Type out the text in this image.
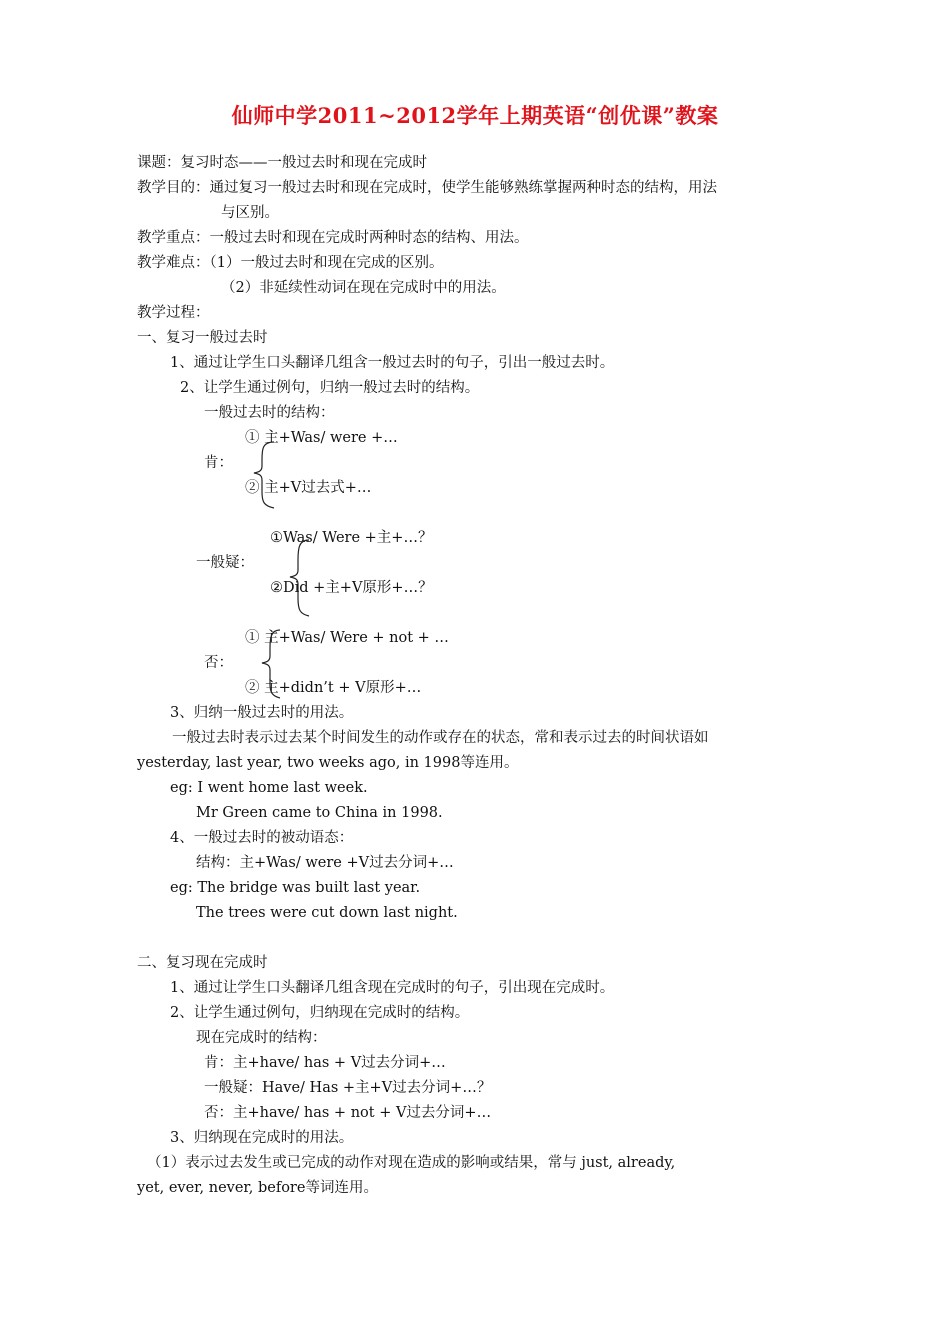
仙师中学2011~2012学年上期英语“创优课”教案
课题：复习时态——一般过去时和现在完成时
教学目的：通过复习一般过去时和现在完成时，使学生能够熟练掌握两种时态的结构，用法
与区别。
教学重点：一般过去时和现在完成时两种时态的结构、用法。
教学难点：（1）一般过去时和现在完成的区别。
（2）非延续性动词在现在完成时中的用法。
教学过程：
一、复习一般过去时
1、通过让学生口头翻译几组含一般过去时的句子，引出一般过去时。
2、让学生通过例句，归纳一般过去时的结构。
一般过去时的结构：
① 主+Was/ were +…
肯：
② 主+V过去式+…
①Was/ Were +主+…？
一般疑：
②Did +主+V原形+…？
① 主+Was/ Were + not + …
否：
② 主+didn’t + V原形+…
3、归纳一般过去时的用法。
一般过去时表示过去某个时间发生的动作或存在的状态，常和表示过去的时间状语如
yesterday, last year, two weeks ago, in 1998等连用。
eg: I went home last week.
Mr Green came to China in 1998.
4、一般过去时的被动语态：
结构：主+Was/ were +V过去分词+…
eg: The bridge was built last year.
The trees were cut down last night.
二、复习现在完成时
1、通过让学生口头翻译几组含现在完成时的句子，引出现在完成时。
2、让学生通过例句，归纳现在完成时的结构。
现在完成时的结构：
肯：主+have/ has + V过去分词+…
一般疑：Have/ Has +主+V过去分词+…？
否：主+have/ has + not + V过去分词+…
3、归纳现在完成时的用法。
（1）表示过去发生或已完成的动作对现在造成的影响或结果，常与 just, already,
yet, ever, never, before等词连用。
